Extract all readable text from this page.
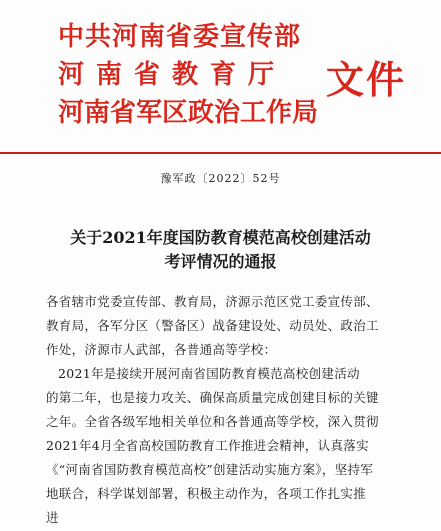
中共河南省委宣传部
河南省教育厅
河南省军区政治工作局
文件
豫军政〔2022〕52号
关于2021年度国防教育模范高校创建活动
考评情况的通报
各省辖市党委宣传部、教育局，济源示范区党工委宣传部、
教育局，各军分区（警备区）战备建设处、动员处、政治工
作处，济源市人武部，各普通高等学校：
2021年是接续开展河南省国防教育模范高校创建活动
的第二年，也是接力攻关、确保高质量完成创建目标的关键
之年。全省各级军地相关单位和各普通高等学校，深入贯彻
2021年4月全省高校国防教育工作推进会精神，认真落实
《“河南省国防教育模范高校”创建活动实施方案》，坚持军
地联合，科学谋划部署，积极主动作为，各项工作扎实推
进
